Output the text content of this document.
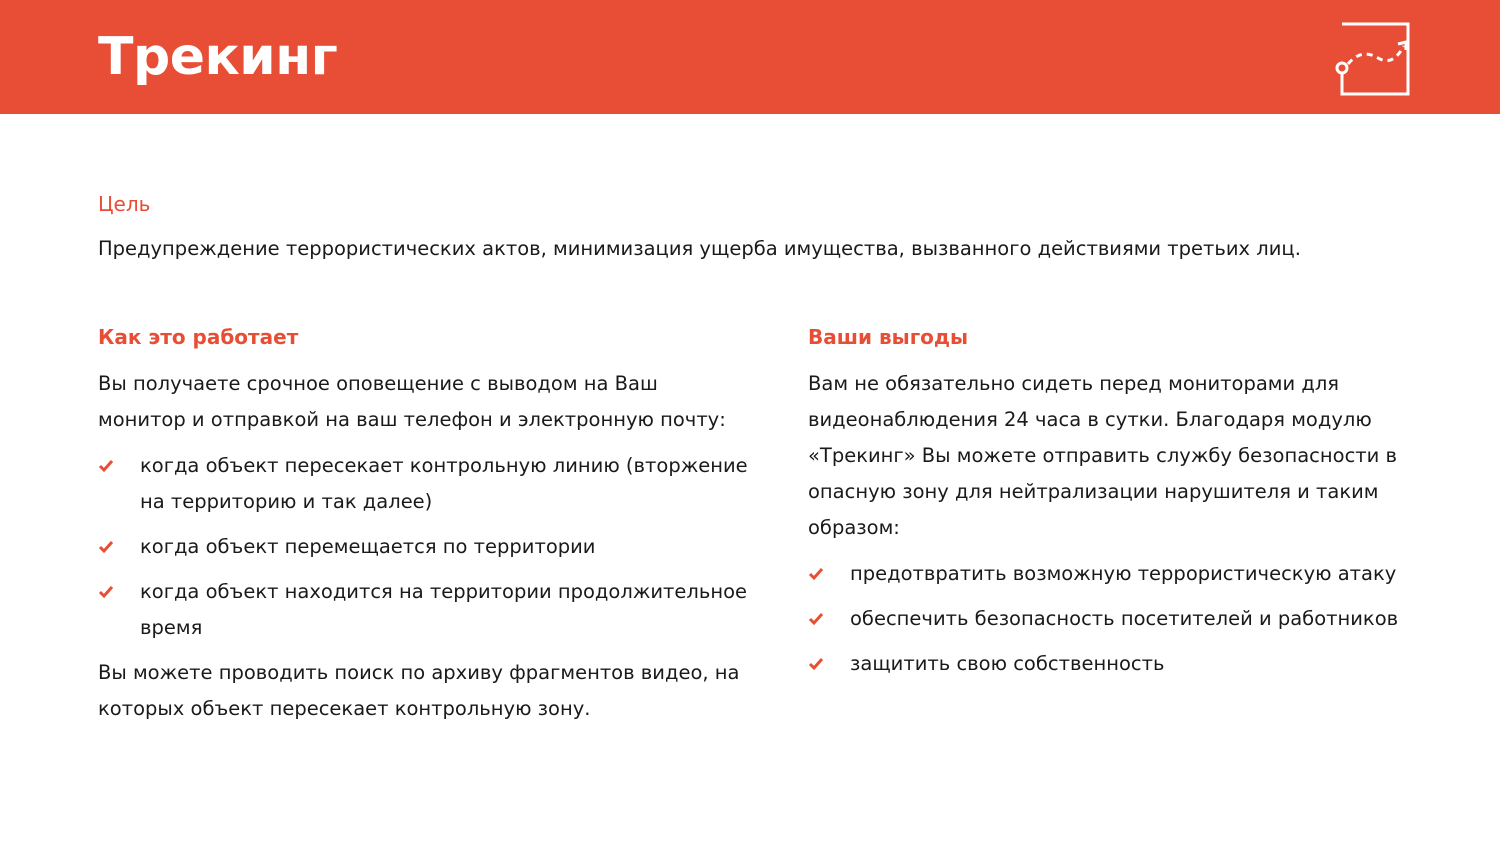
Трекинг
Цель
Предупреждение террористических актов, минимизация ущерба имущества, вызванного действиями третьих лиц.
Как это работает

Вы получаете срочное оповещение с выводом на Ваш монитор и отправкой на ваш телефон и электронную почту:

когда объект пересекает контрольную линию (вторжение на территорию и так далее)
когда объект перемещается по территории
когда объект находится на территории продолжительное время

Вы можете проводить поиск по архиву фрагментов видео, на которых объект пересекает контрольную зону.

Ваши выгоды

Вам не обязательно сидеть перед мониторами для видеонаблюдения 24 часа в сутки. Благодаря модулю «Трекинг» Вы можете отправить службу безопасности в опасную зону для нейтрализации нарушителя и таким образом:

предотвратить возможную террористическую атаку
обеспечить безопасность посетителей и работников
защитить свою собственность
